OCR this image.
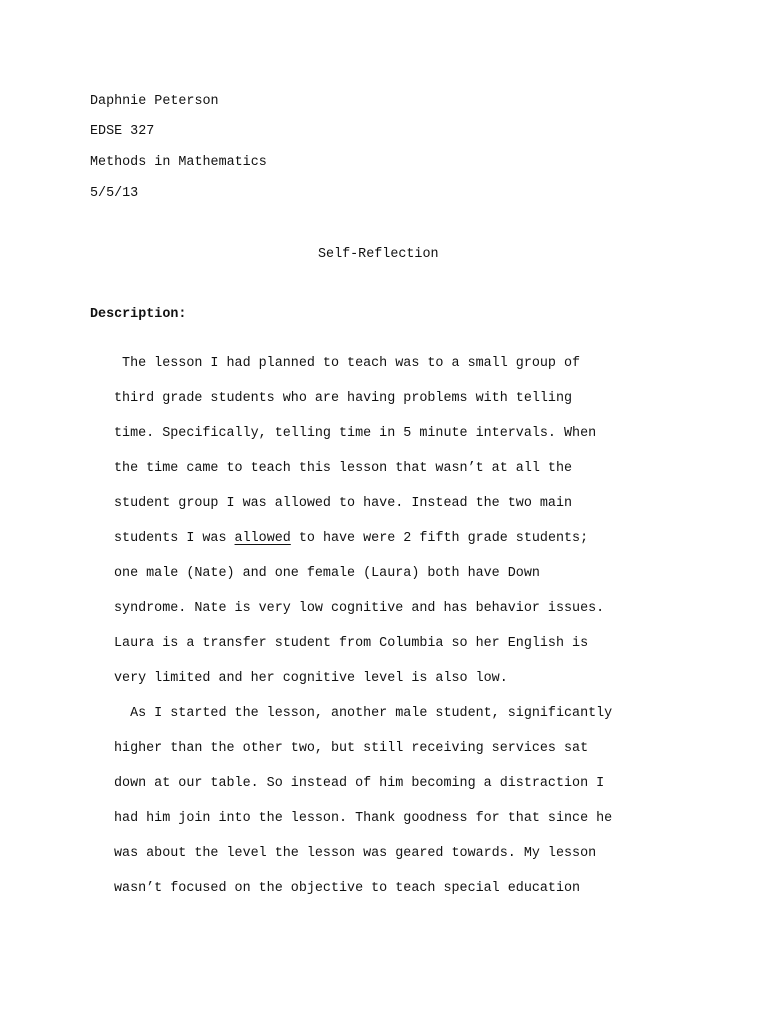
Daphnie Peterson
EDSE 327
Methods in Mathematics
5/5/13
Self-Reflection
Description:
The lesson I had planned to teach was to a small group of
third grade students who are having problems with telling
time. Specifically, telling time in 5 minute intervals. When
the time came to teach this lesson that wasn’t at all the
student group I was allowed to have. Instead the two main
students I was allowed to have were 2 fifth grade students;
one male (Nate) and one female (Laura) both have Down
syndrome. Nate is very low cognitive and has behavior issues.
Laura is a transfer student from Columbia so her English is
very limited and her cognitive level is also low.
As I started the lesson, another male student, significantly
higher than the other two, but still receiving services sat
down at our table. So instead of him becoming a distraction I
had him join into the lesson. Thank goodness for that since he
was about the level the lesson was geared towards. My lesson
wasn’t focused on the objective to teach special education
